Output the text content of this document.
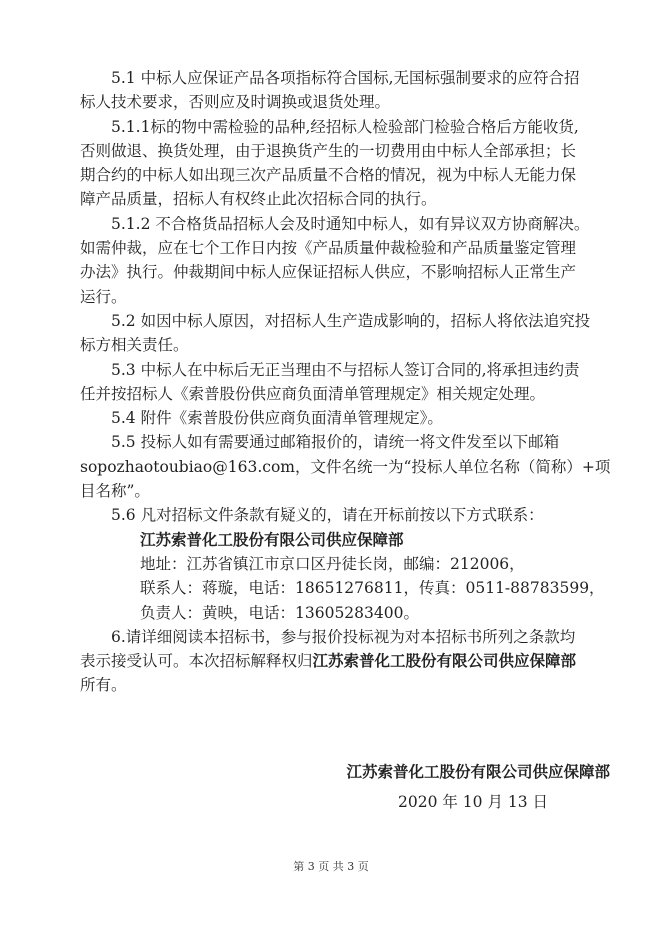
5.1 中标人应保证产品各项指标符合国标,无国标强制要求的应符合招
标人技术要求，否则应及时调换或退货处理。
5.1.1标的物中需检验的品种,经招标人检验部门检验合格后方能收货,
否则做退、换货处理，由于退换货产生的一切费用由中标人全部承担；长
期合约的中标人如出现三次产品质量不合格的情况，视为中标人无能力保
障产品质量，招标人有权终止此次招标合同的执行。
5.1.2 不合格货品招标人会及时通知中标人，如有异议双方协商解决。
如需仲裁，应在七个工作日内按《产品质量仲裁检验和产品质量鉴定管理
办法》执行。仲裁期间中标人应保证招标人供应，不影响招标人正常生产
运行。
5.2 如因中标人原因，对招标人生产造成影响的，招标人将依法追究投
标方相关责任。
5.3 中标人在中标后无正当理由不与招标人签订合同的,将承担违约责
任并按招标人《索普股份供应商负面清单管理规定》相关规定处理。
5.4 附件《索普股份供应商负面清单管理规定》。
5.5 投标人如有需要通过邮箱报价的，请统一将文件发至以下邮箱
sopozhaotoubiao@163.com，文件名统一为“投标人单位名称（简称）+项
目名称”。
5.6 凡对招标文件条款有疑义的，请在开标前按以下方式联系：
江苏索普化工股份有限公司供应保障部
地址：江苏省镇江市京口区丹徒长岗，邮编：212006，
联系人：蒋璇，电话：18651276811，传真：0511-88783599，
负责人：黄映，电话：13605283400。
6.请详细阅读本招标书，参与报价投标视为对本招标书所列之条款均
表示接受认可。本次招标解释权归江苏索普化工股份有限公司供应保障部
所有。
江苏索普化工股份有限公司供应保障部
2020 年 10 月 13 日
第 3 页 共 3 页
